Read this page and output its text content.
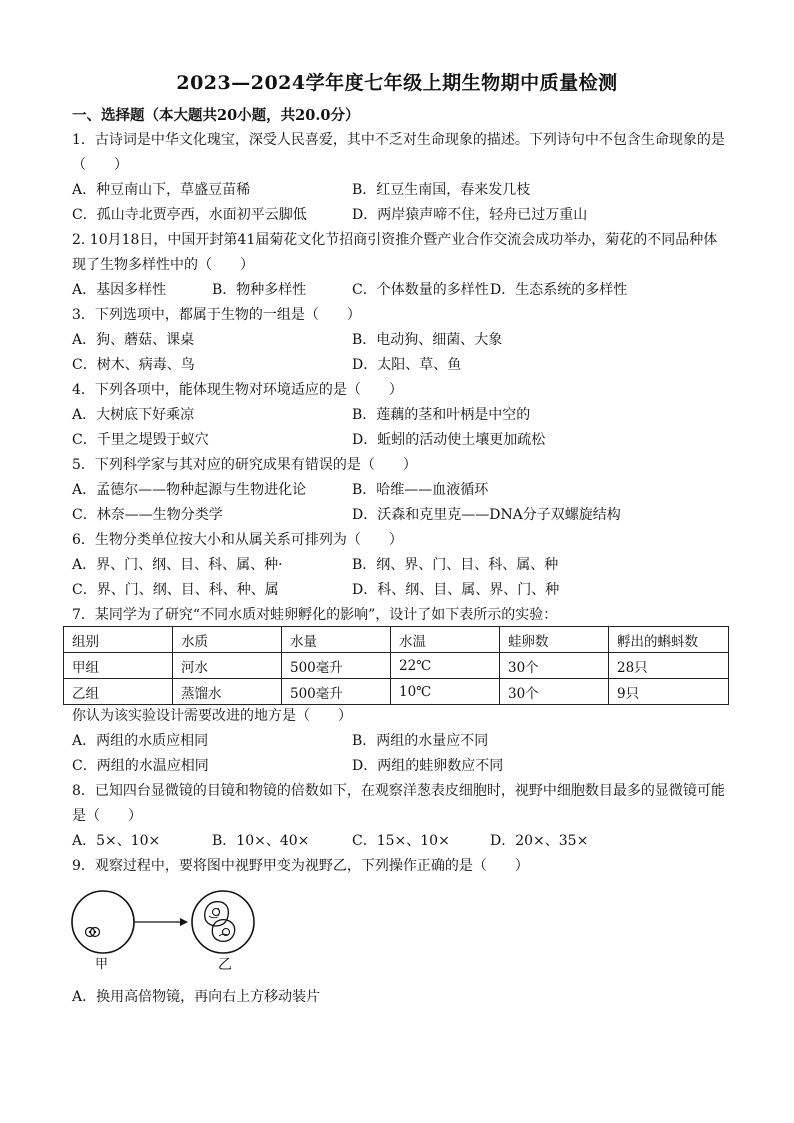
2023—2024学年度七年级上期生物期中质量检测
一、选择题（本大题共20小题，共20.0分）
1．古诗词是中华文化瑰宝，深受人民喜爱，其中不乏对生命现象的描述。下列诗句中不包含生命现象的是
（　　）
A．种豆南山下，草盛豆苗稀	B．红豆生南国，春来发几枝
C．孤山寺北贾亭西，水面初平云脚低	D．两岸猿声啼不住，轻舟已过万重山
2. 10月18日，中国开封第41届菊花文化节招商引资推介暨产业合作交流会成功举办，菊花的不同品种体
现了生物多样性中的（　　）
A．基因多样性	B．物种多样性	C．个体数量的多样性 D．生态系统的多样性
3．下列选项中，都属于生物的一组是（　　）
A．狗、蘑菇、课桌	B．电动狗、细菌、大象
C．树木、病毒、鸟	D．太阳、草、鱼
4．下列各项中，能体现生物对环境适应的是（　　）
A．大树底下好乘凉	B．莲藕的茎和叶柄是中空的
C．千里之堤毁于蚁穴	D．蚯蚓的活动使土壤更加疏松
5．下列科学家与其对应的研究成果有错误的是（　　）
A．孟德尔——物种起源与生物进化论	B．哈维——血液循环
C．林奈——生物分类学	D．沃森和克里克——DNA分子双螺旋结构
6．生物分类单位按大小和从属关系可排列为（　　）
A．界、门、纲、目、科、属、种·	B．纲、界、门、目、科、属、种
C．界、门、纲、目、科、种、属	D．科、纲、目、属、界、门、种
7．某同学为了研究“不同水质对蛙卵孵化的影响”，设计了如下表所示的实验：
组别	水质	水量	水温	蛙卵数	孵出的蝌蚪数
甲组	河水	500毫升	22℃	30个	28只
乙组	蒸馏水	500毫升	10℃	30个	9只
你认为该实验设计需要改进的地方是（　　）
A．两组的水质应相同	B．两组的水量应不同
C．两组的水温应相同	D．两组的蛙卵数应不同
8．已知四台显微镜的目镜和物镜的倍数如下，在观察洋葱表皮细胞时，视野中细胞数目最多的显微镜可能
是（　　）
A．5×、10×	B．10×、40×	C．15×、10×	D．20×、35×
9．观察过程中，要将图中视野甲变为视野乙，下列操作正确的是（　　）
甲	乙
A．换用高倍物镜，再向右上方移动装片
